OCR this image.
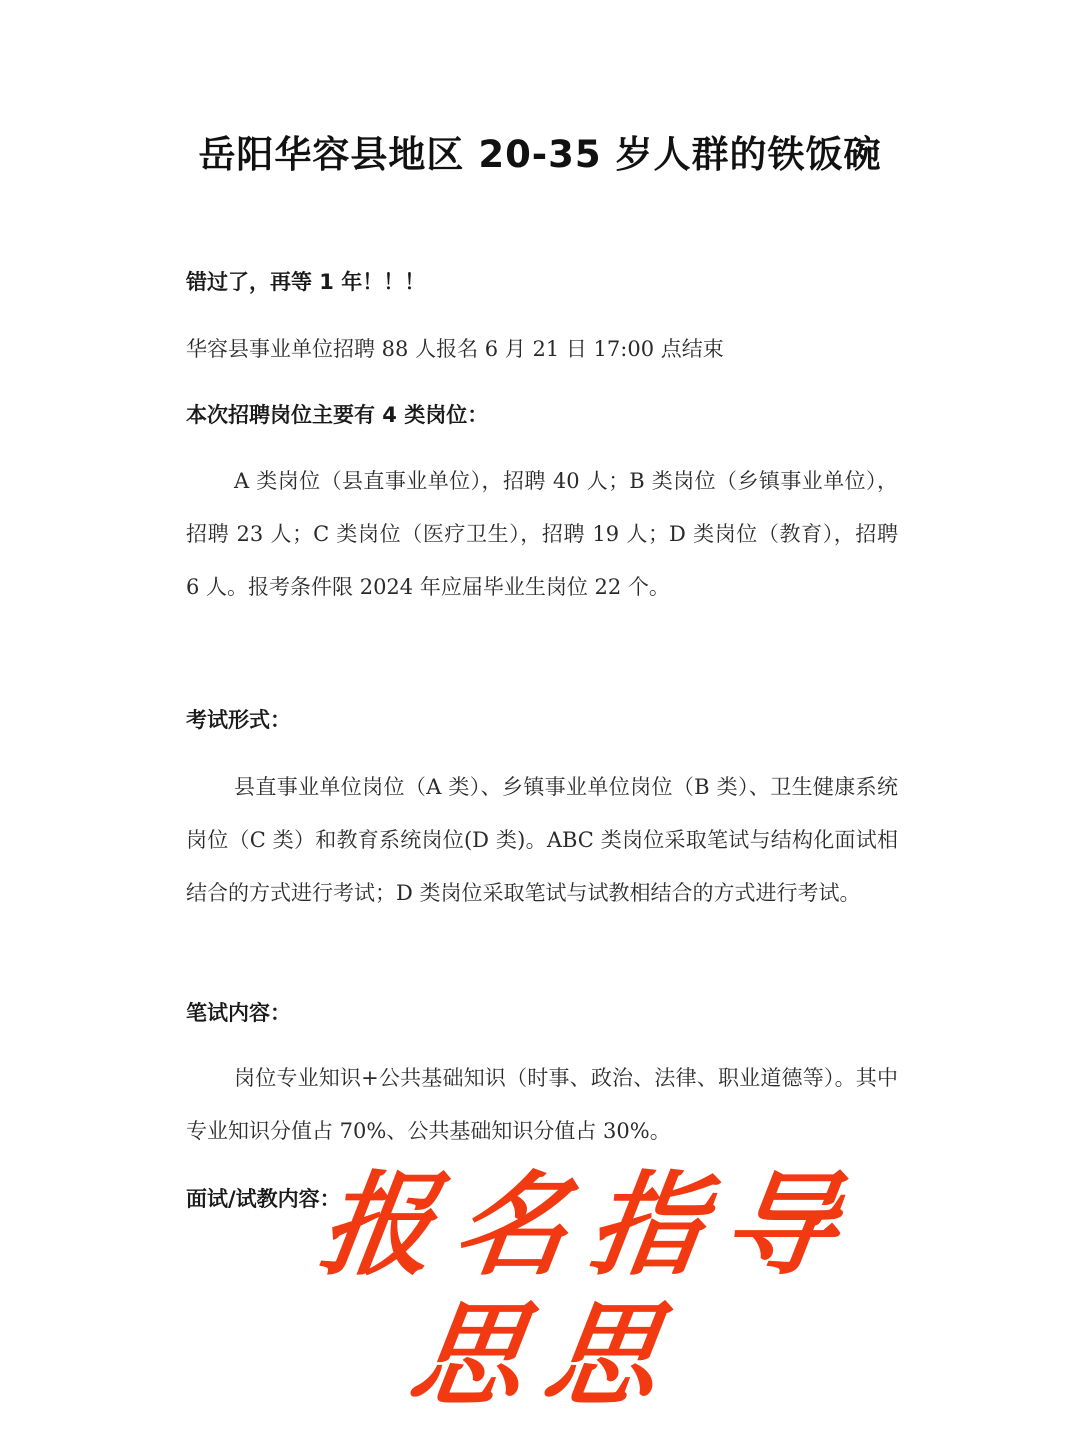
岳阳华容县地区 20-35 岁人群的铁饭碗

错过了，再等 1 年！！！

华容县事业单位招聘 88 人报名 6 月 21 日 17:00 点结束

本次招聘岗位主要有 4 类岗位：

A 类岗位（县直事业单位），招聘 40 人；B 类岗位（乡镇事业单位），招聘 23 人；C 类岗位（医疗卫生），招聘 19 人；D 类岗位（教育），招聘 6 人。报考条件限 2024 年应届毕业生岗位 22 个。

考试形式：

县直事业单位岗位（A 类）、乡镇事业单位岗位（B 类）、卫生健康系统岗位（C 类）和教育系统岗位(D 类)。ABC 类岗位采取笔试与结构化面试相结合的方式进行考试；D 类岗位采取笔试与试教相结合的方式进行考试。

笔试内容：

岗位专业知识+公共基础知识（时事、政治、法律、职业道德等）。其中专业知识分值占 70%、公共基础知识分值占 30%。

面试/试教内容：

报名指导
思思
